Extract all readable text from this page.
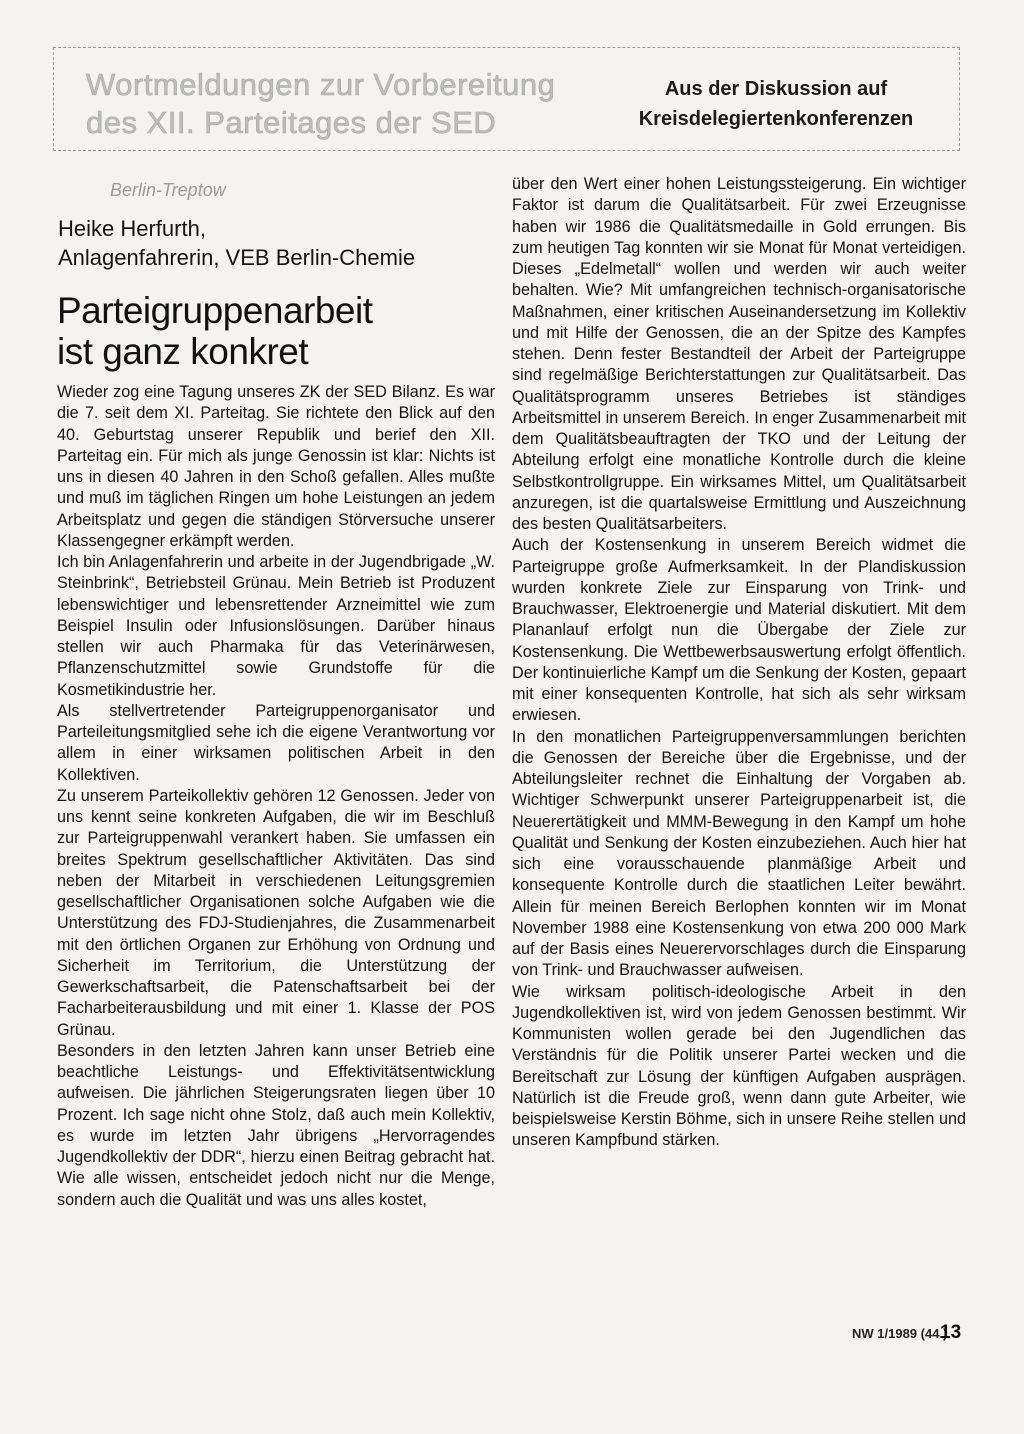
Wortmeldungen zur Vorbereitung
des XII. Parteitages der SED
Aus der Diskussion auf
Kreisdelegiertenkonferenzen
Berlin-Treptow
Heike Herfurth,
Anlagenfahrerin, VEB Berlin-Chemie
Parteigruppenarbeit
ist ganz konkret

Wieder zog eine Tagung unseres ZK der SED Bilanz. Es war die 7. seit dem XI. Parteitag. Sie richtete den Blick auf den 40. Geburtstag unserer Republik und berief den XII. Parteitag ein. Für mich als junge Genossin ist klar: Nichts ist uns in diesen 40 Jahren in den Schoß gefallen. Alles mußte und muß im täglichen Ringen um hohe Leistungen an jedem Arbeitsplatz und gegen die ständigen Störversuche unserer Klassengegner erkämpft werden.

Ich bin Anlagenfahrerin und arbeite in der Jugendbrigade „W. Steinbrink“, Betriebsteil Grünau. Mein Betrieb ist Produzent lebenswichtiger und lebensrettender Arzneimittel wie zum Beispiel Insulin oder Infusionslösungen. Darüber hinaus stellen wir auch Pharmaka für das Veterinärwesen, Pflanzenschutzmittel sowie Grundstoffe für die Kosmetikindustrie her.

Als stellvertretender Parteigruppenorganisator und Parteileitungsmitglied sehe ich die eigene Verantwortung vor allem in einer wirksamen politischen Arbeit in den Kollektiven.

Zu unserem Parteikollektiv gehören 12 Genossen. Jeder von uns kennt seine konkreten Aufgaben, die wir im Beschluß zur Parteigruppenwahl verankert haben. Sie umfassen ein breites Spektrum gesellschaftlicher Aktivitäten. Das sind neben der Mitarbeit in verschiedenen Leitungsgremien gesellschaftlicher Organisationen solche Aufgaben wie die Unterstützung des FDJ-Studienjahres, die Zusammenarbeit mit den örtlichen Organen zur Erhöhung von Ordnung und Sicherheit im Territorium, die Unterstützung der Gewerkschaftsarbeit, die Patenschaftsarbeit bei der Facharbeiterausbildung und mit einer 1. Klasse der POS Grünau.

Besonders in den letzten Jahren kann unser Betrieb eine beachtliche Leistungs- und Effektivitätsentwicklung aufweisen. Die jährlichen Steigerungsraten liegen über 10 Prozent. Ich sage nicht ohne Stolz, daß auch mein Kollektiv, es wurde im letzten Jahr übrigens „Hervorragendes Jugendkollektiv der DDR“, hierzu einen Beitrag gebracht hat. Wie alle wissen, entscheidet jedoch nicht nur die Menge, sondern auch die Qualität und was uns alles kostet,

über den Wert einer hohen Leistungssteigerung. Ein wichtiger Faktor ist darum die Qualitätsarbeit. Für zwei Erzeugnisse haben wir 1986 die Qualitätsmedaille in Gold errungen. Bis zum heutigen Tag konnten wir sie Monat für Monat verteidigen. Dieses „Edelmetall“ wollen und werden wir auch weiter behalten. Wie? Mit umfangreichen technisch-organisatorische Maßnahmen, einer kritischen Auseinandersetzung im Kollektiv und mit Hilfe der Genossen, die an der Spitze des Kampfes stehen. Denn fester Bestandteil der Arbeit der Parteigruppe sind regelmäßige Berichterstattungen zur Qualitätsarbeit. Das Qualitätsprogramm unseres Betriebes ist ständiges Arbeitsmittel in unserem Bereich. In enger Zusammenarbeit mit dem Qualitätsbeauftragten der TKO und der Leitung der Abteilung erfolgt eine monatliche Kontrolle durch die kleine Selbstkontrollgruppe. Ein wirksames Mittel, um Qualitätsarbeit anzuregen, ist die quartalsweise Ermittlung und Auszeichnung des besten Qualitätsarbeiters.

Auch der Kostensenkung in unserem Bereich widmet die Parteigruppe große Aufmerksamkeit. In der Plandiskussion wurden konkrete Ziele zur Einsparung von Trink- und Brauchwasser, Elektroenergie und Material diskutiert. Mit dem Plananlauf erfolgt nun die Übergabe der Ziele zur Kostensenkung. Die Wettbewerbsauswertung erfolgt öffentlich. Der kontinuierliche Kampf um die Senkung der Kosten, gepaart mit einer konsequenten Kontrolle, hat sich als sehr wirksam erwiesen.

In den monatlichen Parteigruppenversammlungen berichten die Genossen der Bereiche über die Ergebnisse, und der Abteilungsleiter rechnet die Einhaltung der Vorgaben ab. Wichtiger Schwerpunkt unserer Parteigruppenarbeit ist, die Neuerertätigkeit und MMM-Bewegung in den Kampf um hohe Qualität und Senkung der Kosten einzubeziehen. Auch hier hat sich eine vorausschauende planmäßige Arbeit und konsequente Kontrolle durch die staatlichen Leiter bewährt. Allein für meinen Bereich Berlophen konnten wir im Monat November 1988 eine Kostensenkung von etwa 200 000 Mark auf der Basis eines Neuerervorschlages durch die Einsparung von Trink- und Brauchwasser aufweisen.

Wie wirksam politisch-ideologische Arbeit in den Jugendkollektiven ist, wird von jedem Genossen bestimmt. Wir Kommunisten wollen gerade bei den Jugendlichen das Verständnis für die Politik unserer Partei wecken und die Bereitschaft zur Lösung der künftigen Aufgaben ausprägen. Natürlich ist die Freude groß, wenn dann gute Arbeiter, wie beispielsweise Kerstin Böhme, sich in unsere Reihe stellen und unseren Kampfbund stärken.

NW 1/1989 (44.)
13
